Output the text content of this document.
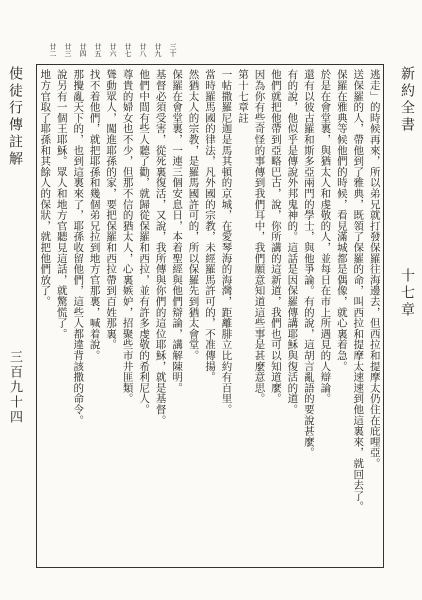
新約全書
十七章
使徒行傳註解
三百九十四	逃走」的時候再來，所以弟兄就打發保羅往海邊去，但西拉和提摩太仍住在庇哩亞。
送保羅的人，帶他到了雅典，既領了保羅的命，叫西拉和提摩太速速到他這裏來，就回去了。
保羅在雅典等候他們的時候，看見滿城都是偶像，就心裏着急。
於是在會堂裏，與猶太人和虔敬的人，並每日在市上所遇見的人辯論。
還有以彼古羅和斯多亞兩門的學士，與他爭論。有的說，這胡言亂語的要說甚麼。
有的說，他似乎是傳說外邦鬼神的。這話是因保羅傳講耶穌與復活的道。
他們就把他帶到亞略巴古，說，你所講的這新道，我們也可以知道麼。
因為你有些奇怪的事傳到我們耳中，我們願意知道這些事是甚麼意思。
第十七章註
一帖撒羅尼迦是馬其頓的京城，在愛琴海的海灣，距離腓立比約有百里。
當時羅馬國的律法，凡外國的宗教，未經羅馬許可的，不准傳揚。
然猶太人的宗教，是羅馬國許可的，所以保羅先到猶太會堂。
保羅在會堂裏，一連三個安息日，本着聖經與他們辯論，講解陳明。
基督必須受害，從死裏復活，又說，我所傳與你們的這位耶穌，就是基督。
他們中間有些人聽了勸，就歸從保羅和西拉，並有許多虔敬的希利尼人。
尊貴的婦女也不少，但那不信的猶太人，心裏嫉妒，招聚些市井匪類。
聳動眾人，闖進耶孫的家，要把保羅和西拉帶到百姓那裏。
找不着他們，就把耶孫和幾個弟兄拉到地方官那裏，喊着說。
那攪亂天下的，也到這裏來了，耶孫收留他們，這些人都違背該撒的命令。
說另有一個王耶穌。眾人和地方官聽見這話，就驚慌了。
地方官取了耶孫和其餘人的保狀，就把他們放了。
廿二	廿三	廿四	廿五	廿六	廿七	廿八	廿九	三十
